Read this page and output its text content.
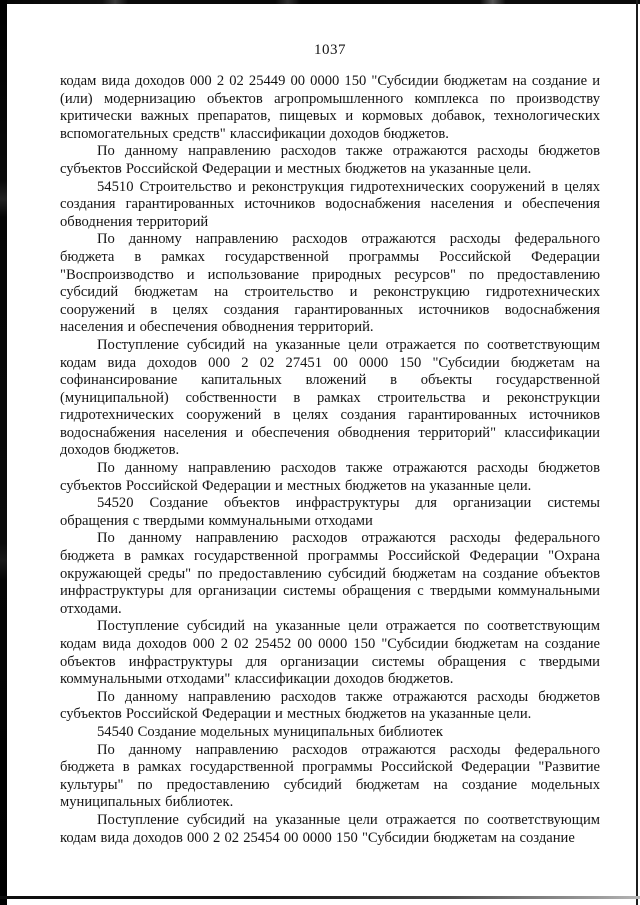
1037

кодам вида доходов 000 2 02 25449 00 0000 150 "Субсидии бюджетам на создание и (или) модернизацию объектов агропромышленного комплекса по производству критически важных препаратов, пищевых и кормовых добавок, технологических вспомогательных средств" классификации доходов бюджетов.

По данному направлению расходов также отражаются расходы бюджетов субъектов Российской Федерации и местных бюджетов на указанные цели.

54510 Строительство и реконструкция гидротехнических сооружений в целях создания гарантированных источников водоснабжения населения и обеспечения обводнения территорий

По данному направлению расходов отражаются расходы федерального бюджета в рамках государственной программы Российской Федерации "Воспроизводство и использование природных ресурсов" по предоставлению субсидий бюджетам на строительство и реконструкцию гидротехнических сооружений в целях создания гарантированных источников водоснабжения населения и обеспечения обводнения территорий.

Поступление субсидий на указанные цели отражается по соответствующим кодам вида доходов 000 2 02 27451 00 0000 150 "Субсидии бюджетам на софинансирование капитальных вложений в объекты государственной (муниципальной) собственности в рамках строительства и реконструкции гидротехнических сооружений в целях создания гарантированных источников водоснабжения населения и обеспечения обводнения территорий" классификации доходов бюджетов.

По данному направлению расходов также отражаются расходы бюджетов субъектов Российской Федерации и местных бюджетов на указанные цели.

54520 Создание объектов инфраструктуры для организации системы обращения с твердыми коммунальными отходами

По данному направлению расходов отражаются расходы федерального бюджета в рамках государственной программы Российской Федерации "Охрана окружающей среды" по предоставлению субсидий бюджетам на создание объектов инфраструктуры для организации системы обращения с твердыми коммунальными отходами.

Поступление субсидий на указанные цели отражается по соответствующим кодам вида доходов 000 2 02 25452 00 0000 150 "Субсидии бюджетам на создание объектов инфраструктуры для организации системы обращения с твердыми коммунальными отходами" классификации доходов бюджетов.

По данному направлению расходов также отражаются расходы бюджетов субъектов Российской Федерации и местных бюджетов на указанные цели.

54540 Создание модельных муниципальных библиотек

По данному направлению расходов отражаются расходы федерального бюджета в рамках государственной программы Российской Федерации "Развитие культуры" по предоставлению субсидий бюджетам на создание модельных муниципальных библиотек.

Поступление субсидий на указанные цели отражается по соответствующим кодам вида доходов 000 2 02 25454 00 0000 150 "Субсидии бюджетам на создание
